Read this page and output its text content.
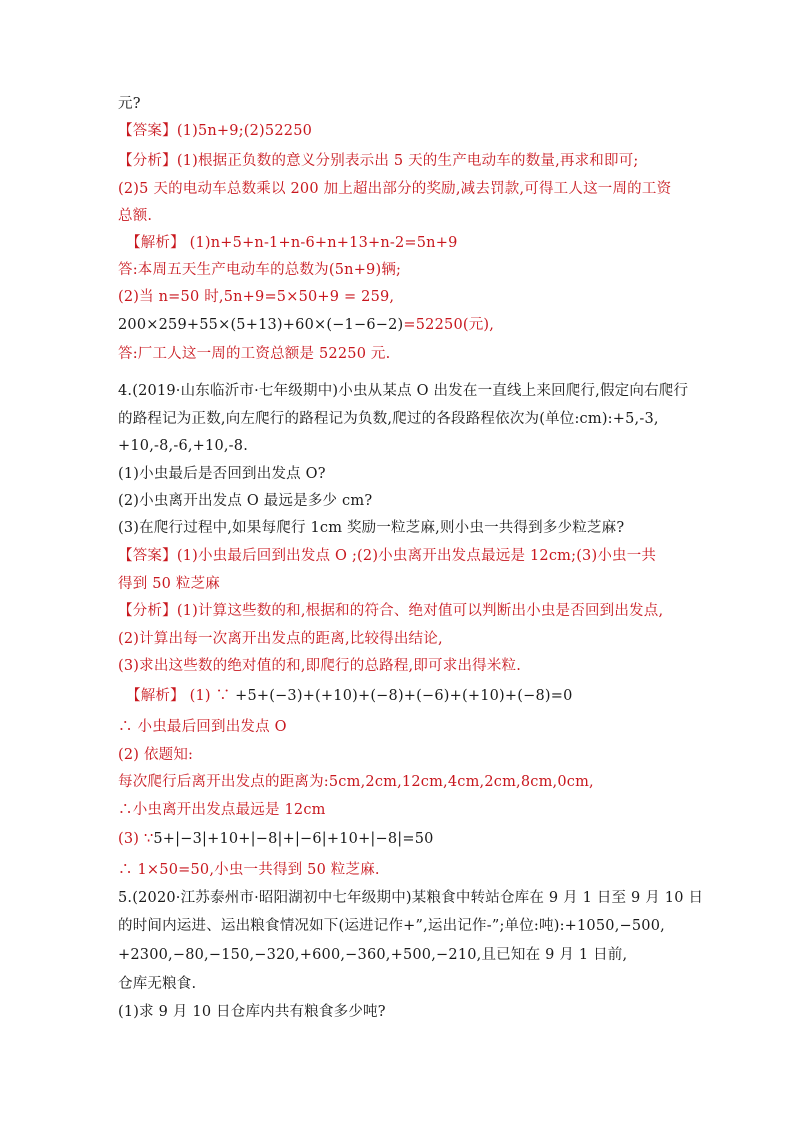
元?
【答案】(1)5n+9;(2)52250
【分析】(1)根据正负数的意义分别表示出 5 天的生产电动车的数量,再求和即可;
(2)5 天的电动车总数乘以 200 加上超出部分的奖励,减去罚款,可得工人这一周的工资
总额.
【解析】 (1)n+5+n-1+n-6+n+13+n-2=5n+9
答:本周五天生产电动车的总数为(5n+9)辆;
(2)当 n=50 时,5n+9=5×50+9 = 259,
200×259+55×(5+13)+60×(−1−6−2)=52250(元),
答:厂工人这一周的工资总额是 52250 元.
4.(2019·山东临沂市·七年级期中)小虫从某点 O 出发在一直线上来回爬行,假定向右爬行
的路程记为正数,向左爬行的路程记为负数,爬过的各段路程依次为(单位:cm):+5,-3,
+10,-8,-6,+10,-8.
(1)小虫最后是否回到出发点 O?
(2)小虫离开出发点 O 最远是多少 cm?
(3)在爬行过程中,如果每爬行 1cm 奖励一粒芝麻,则小虫一共得到多少粒芝麻?
【答案】(1)小虫最后回到出发点 O ;(2)小虫离开出发点最远是 12cm;(3)小虫一共
得到 50 粒芝麻
【分析】(1)计算这些数的和,根据和的符合、绝对值可以判断出小虫是否回到出发点,
(2)计算出每一次离开出发点的距离,比较得出结论,
(3)求出这些数的绝对值的和,即爬行的总路程,即可求出得米粒.
【解析】 (1) ∵ +5+(−3)+(+10)+(−8)+(−6)+(+10)+(−8)=0
∴ 小虫最后回到出发点 O
(2) 依题知:
每次爬行后离开出发点的距离为:5cm,2cm,12cm,4cm,2cm,8cm,0cm,
∴小虫离开出发点最远是 12cm
(3) ∵5+|−3|+10+|−8|+|−6|+10+|−8|=50
∴ 1×50=50,小虫一共得到 50 粒芝麻.
5.(2020·江苏泰州市·昭阳湖初中七年级期中)某粮食中转站仓库在 9 月 1 日至 9 月 10 日
的时间内运进、运出粮食情况如下(运进记作+”,运出记作-”;单位:吨):+1050,−500,
+2300,−80,−150,−320,+600,−360,+500,−210,且已知在 9 月 1 日前,
仓库无粮食.
(1)求 9 月 10 日仓库内共有粮食多少吨?
